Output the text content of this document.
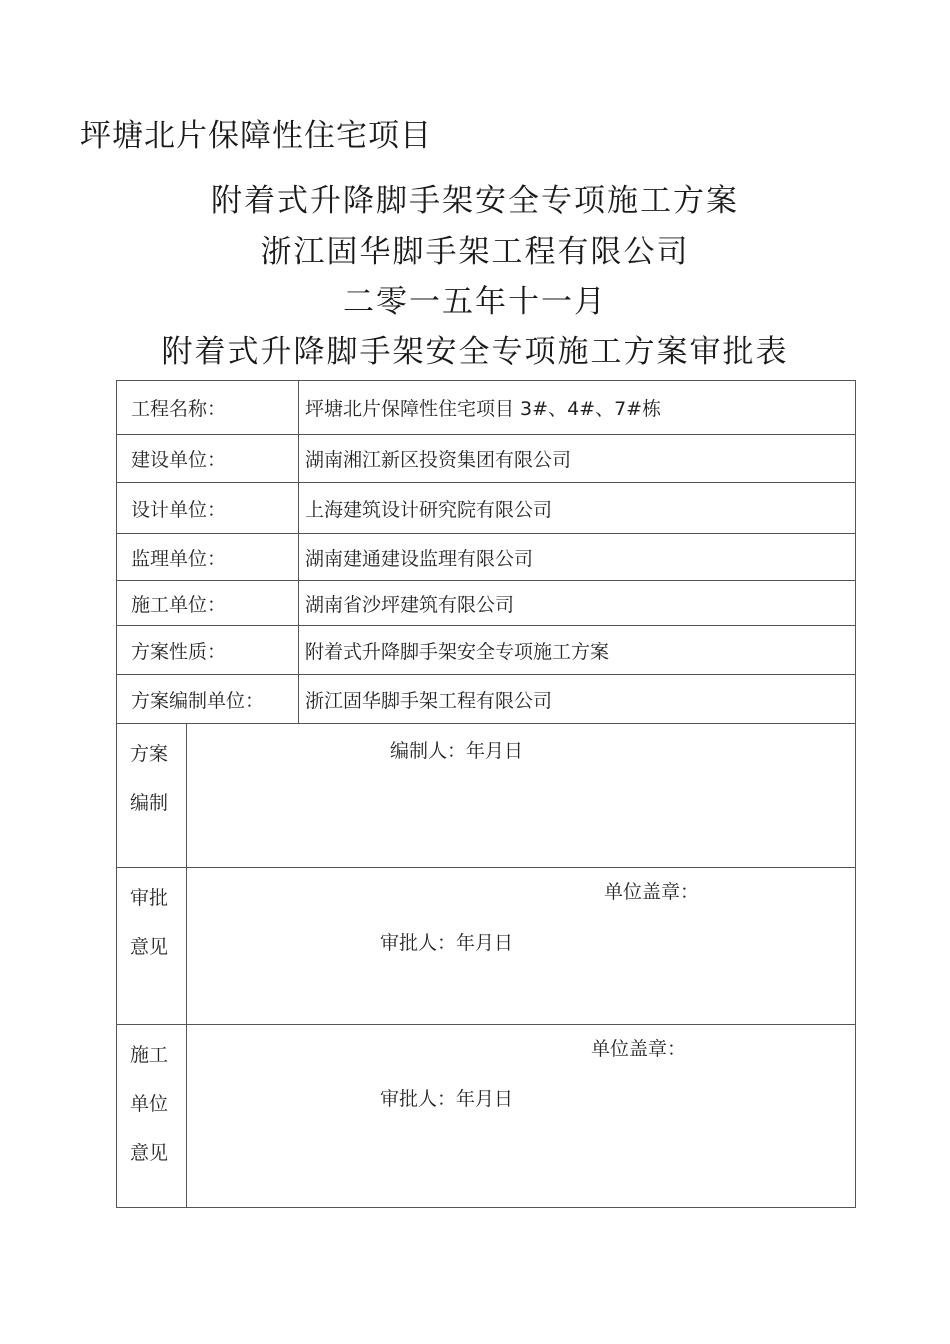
坪塘北片保障性住宅项目
附着式升降脚手架安全专项施工方案
浙江固华脚手架工程有限公司
二零一五年十一月
附着式升降脚手架安全专项施工方案审批表
工程名称：		坪塘北片保障性住宅项目 3#、4#、7#栋
建设单位：		湖南湘江新区投资集团有限公司
设计单位：		上海建筑设计研究院有限公司
监理单位：		湖南建通建设监理有限公司
施工单位：		湖南省沙坪建筑有限公司
方案性质：		附着式升降脚手架安全专项施工方案
方案编制单位：		浙江固华脚手架工程有限公司
方案
编制	编制人：年月日	

审批
意见	单位盖章：
审批人：年月日	

施工
单位
意见	单位盖章：
审批人：年月日	
